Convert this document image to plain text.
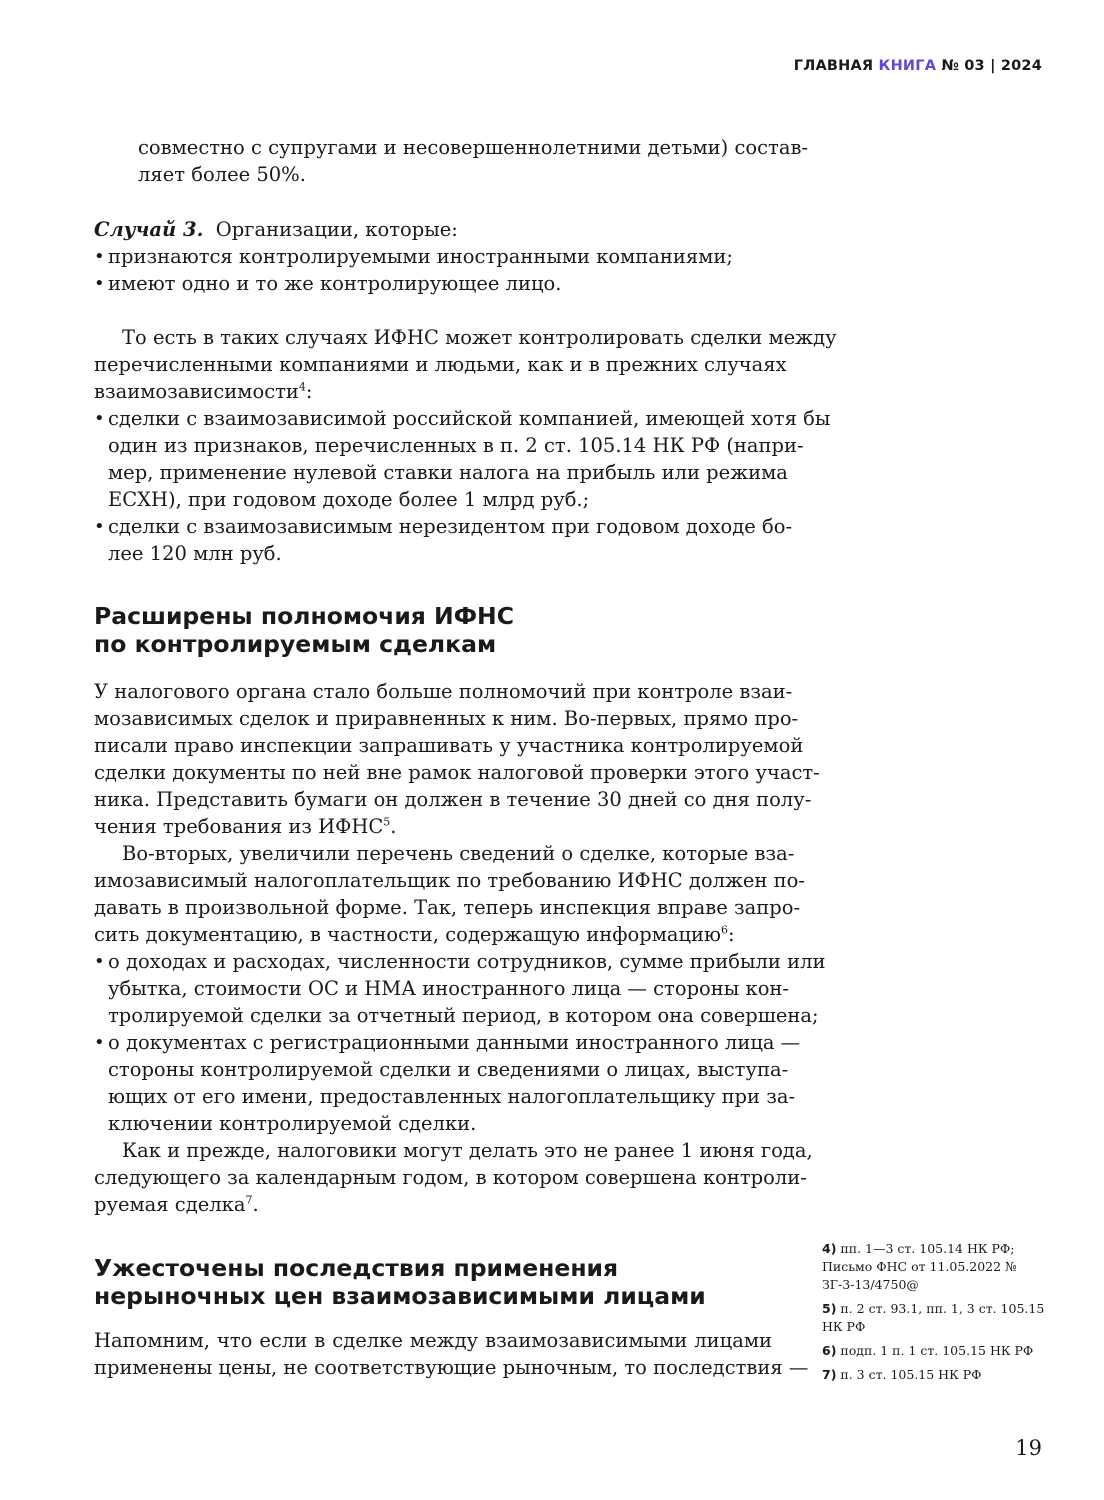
ГЛАВНАЯ КНИГА № 03 | 2024
совместно с супругами и несовершеннолетними детьми) состав-
ляет более 50%.
Случай 3. Организации, которые:
• признаются контролируемыми иностранными компаниями;
• имеют одно и то же контролирующее лицо.
То есть в таких случаях ИФНС может контролировать сделки между
перечисленными компаниями и людьми, как и в прежних случаях
взаимозависимости$^4$:
• сделки с взаимозависимой российской компанией, имеющей хотя бы
один из признаков, перечисленных в п. 2 ст. 105.14 НК РФ (напри-
мер, применение нулевой ставки налога на прибыль или режима
ЕСХН), при годовом доходе более 1 млрд руб.;
• сделки с взаимозависимым нерезидентом при годовом доходе бо-
лее 120 млн руб.
Расширены полномочия ИФНС
по контролируемым сделкам
У налогового органа стало больше полномочий при контроле взаи-
мозависимых сделок и приравненных к ним. Во-первых, прямо про-
писали право инспекции запрашивать у участника контролируемой
сделки документы по ней вне рамок налоговой проверки этого участ-
ника. Представить бумаги он должен в течение 30 дней со дня полу-
чения требования из ИФНС$^5$.
Во-вторых, увеличили перечень сведений о сделке, которые вза-
имозависимый налогоплательщик по требованию ИФНС должен по-
давать в произвольной форме. Так, теперь инспекция вправе запро-
сить документацию, в частности, содержащую информацию$^6$:
• о доходах и расходах, численности сотрудников, сумме прибыли или
убытка, стоимости ОС и НМА иностранного лица — стороны кон-
тролируемой сделки за отчетный период, в котором она совершена;
• о документах с регистрационными данными иностранного лица —
стороны контролируемой сделки и сведениями о лицах, выступа-
ющих от его имени, предоставленных налогоплательщику при за-
ключении контролируемой сделки.
Как и прежде, налоговики могут делать это не ранее 1 июня года,
следующего за календарным годом, в котором совершена контроли-
руемая сделка$^7$.
Ужесточены последствия применения
нерыночных цен взаимозависимыми лицами
Напомним, что если в сделке между взаимозависимыми лицами
применены цены, не соответствующие рыночным, то последствия —
4) пп. 1—3 ст. 105.14 НК РФ; Письмо ФНС от 11.05.2022 № ЗГ-3-13/4750@
5) п. 2 ст. 93.1, пп. 1, 3 ст. 105.15 НК РФ
6) подп. 1 п. 1 ст. 105.15 НК РФ
7) п. 3 ст. 105.15 НК РФ
19
